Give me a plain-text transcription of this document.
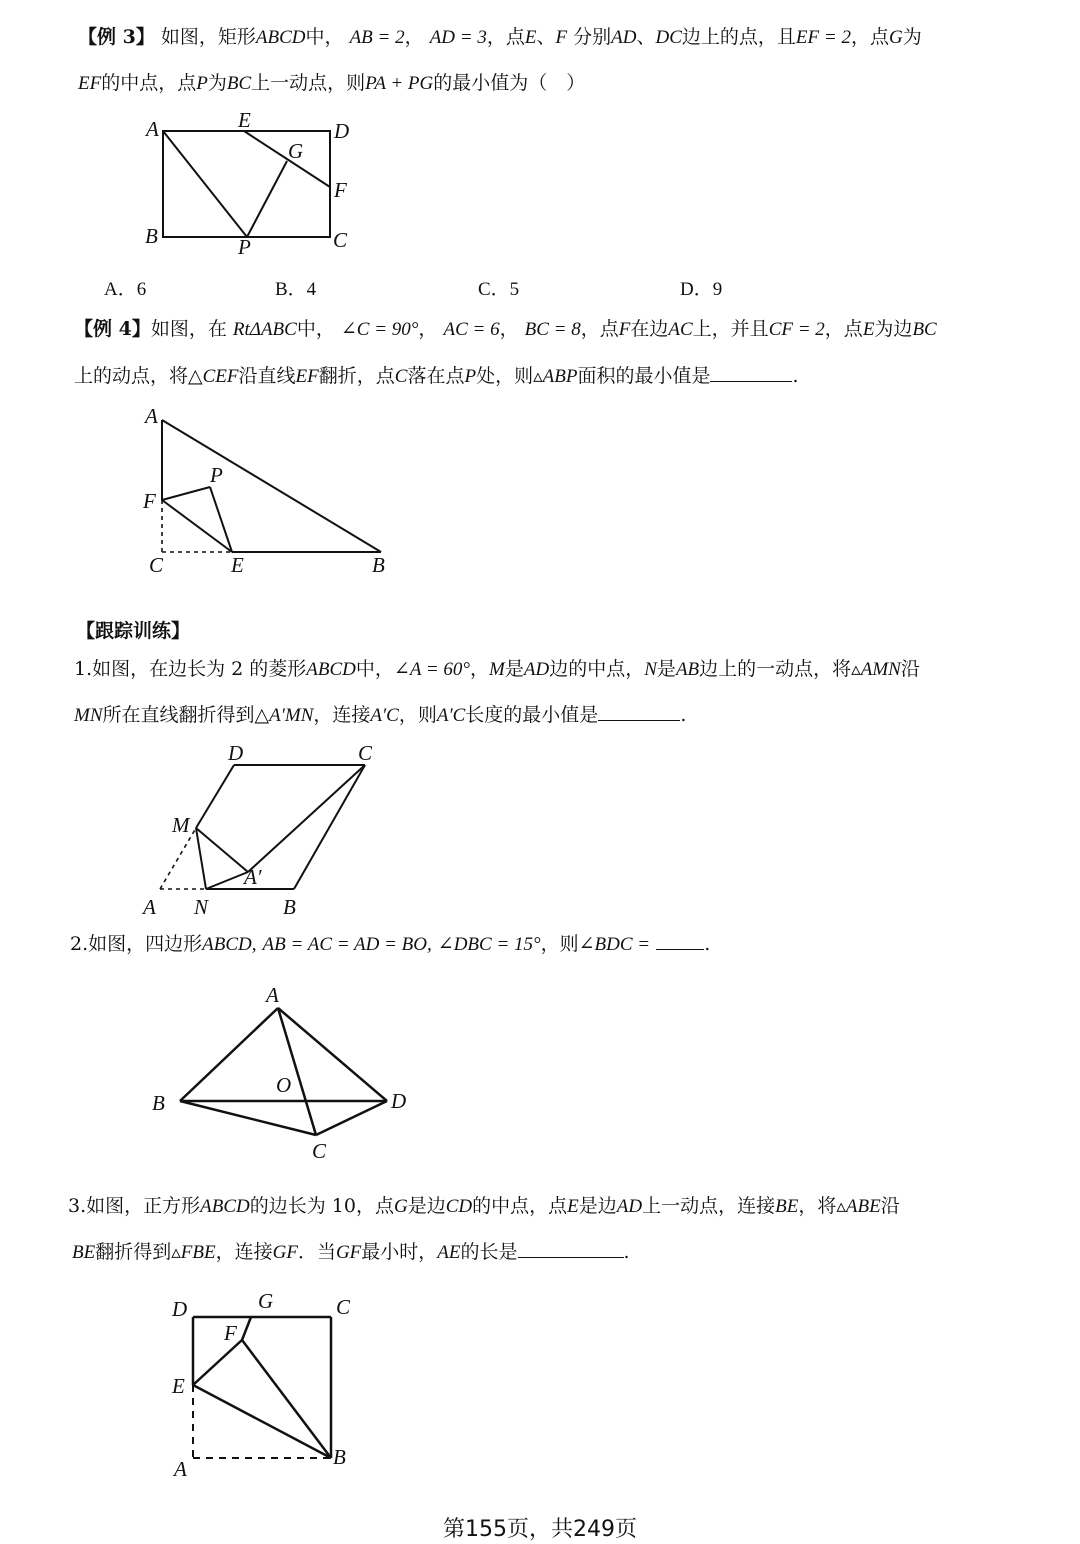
【例 3】 如图，矩形ABCD中， AB = 2， AD = 3，点E、F 分别AD、DC边上的点，且EF = 2，点G为
EF的中点，点P为BC上一动点，则PA + PG的最小值为（　）
A	E	D
G
F
B	P	C
A．6	B．4	C．5	D．9
【例 4】如图，在 RtΔABC中， ∠C = 90°， AC = 6， BC = 8，点F在边AC上，并且CF = 2，点E为边BC
上的动点，将△CEF沿直线EF翻折，点C落在点P处，则▵ABP面积的最小值是	.
A
P
F
C	E	B
【跟踪训练】
1.如图，在边长为 2 的菱形ABCD中，∠A = 60°，M是AD边的中点，N是AB边上的一动点，将▵AMN沿
MN所在直线翻折得到△A′MN，连接A′C，则A′C长度的最小值是	.
D	C
M
A′
A N	B
2.如图，四边形ABCD, AB = AC = AD = BO, ∠DBC = 15°，则∠BDC =	.
A
B
O
D
C
3.如图，正方形ABCD的边长为 10，点G是边CD的中点，点E是边AD上一动点，连接BE，将▵ABE沿
BE翻折得到▵FBE，连接GF．当GF最小时，AE的长是	.
D	G	C
F
E
A	B
第155页，共249页
